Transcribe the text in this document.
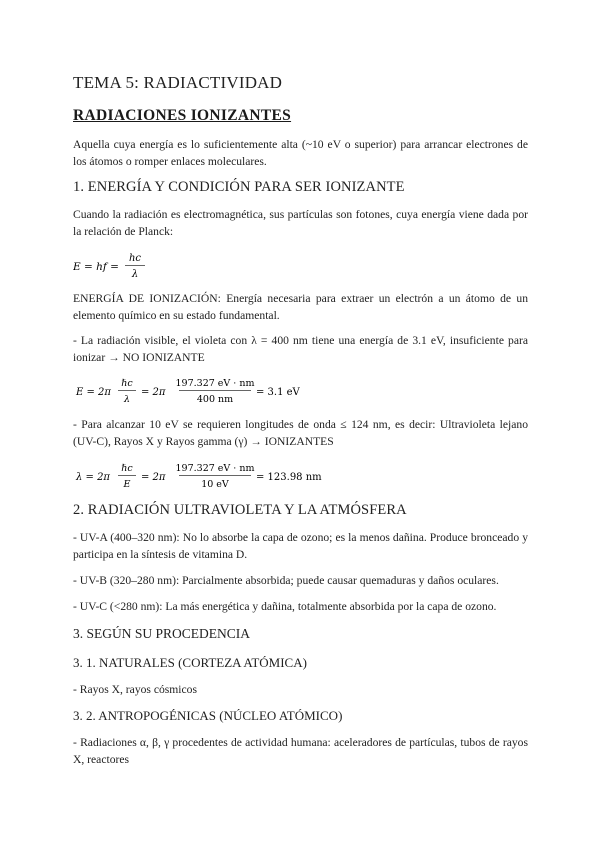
TEMA 5: RADIACTIVIDAD
RADIACIONES IONIZANTES
Aquella cuya energía es lo suficientemente alta (~10 eV o superior) para arrancar electrones de los átomos o romper enlaces moleculares.
1. ENERGÍA Y CONDICIÓN PARA SER IONIZANTE
Cuando la radiación es electromagnética, sus partículas son fotones, cuya energía viene dada por la relación de Planck:
E = hf =
hc
λ
ENERGÍA DE IONIZACIÓN: Energía necesaria para extraer un electrón a un átomo de un elemento químico en su estado fundamental.
- La radiación visible, el violeta con λ = 400 nm tiene una energía de 3.1 eV, insuficiente para ionizar → NO IONIZANTE
E = 2π
ℏc
λ
= 2π
197.327 eV · nm
400 nm
= 3.1 eV
- Para alcanzar 10 eV se requieren longitudes de onda ≤ 124 nm, es decir: Ultravioleta lejano (UV-C), Rayos X y Rayos gamma (γ) → IONIZANTES
λ = 2π
ℏc
E
= 2π
197.327 eV · nm
10 eV
= 123.98 nm
2. RADIACIÓN ULTRAVIOLETA Y LA ATMÓSFERA
- UV-A (400–320 nm): No lo absorbe la capa de ozono; es la menos dañina. Produce bronceado y participa en la síntesis de vitamina D.
- UV-B (320–280 nm): Parcialmente absorbida; puede causar quemaduras y daños oculares.
- UV-C (<280 nm): La más energética y dañina, totalmente absorbida por la capa de ozono.
3. SEGÚN SU PROCEDENCIA
3. 1. NATURALES (CORTEZA ATÓMICA)
- Rayos X, rayos cósmicos
3. 2. ANTROPOGÉNICAS (NÚCLEO ATÓMICO)
- Radiaciones α, β, γ procedentes de actividad humana: aceleradores de partículas, tubos de rayos X, reactores
